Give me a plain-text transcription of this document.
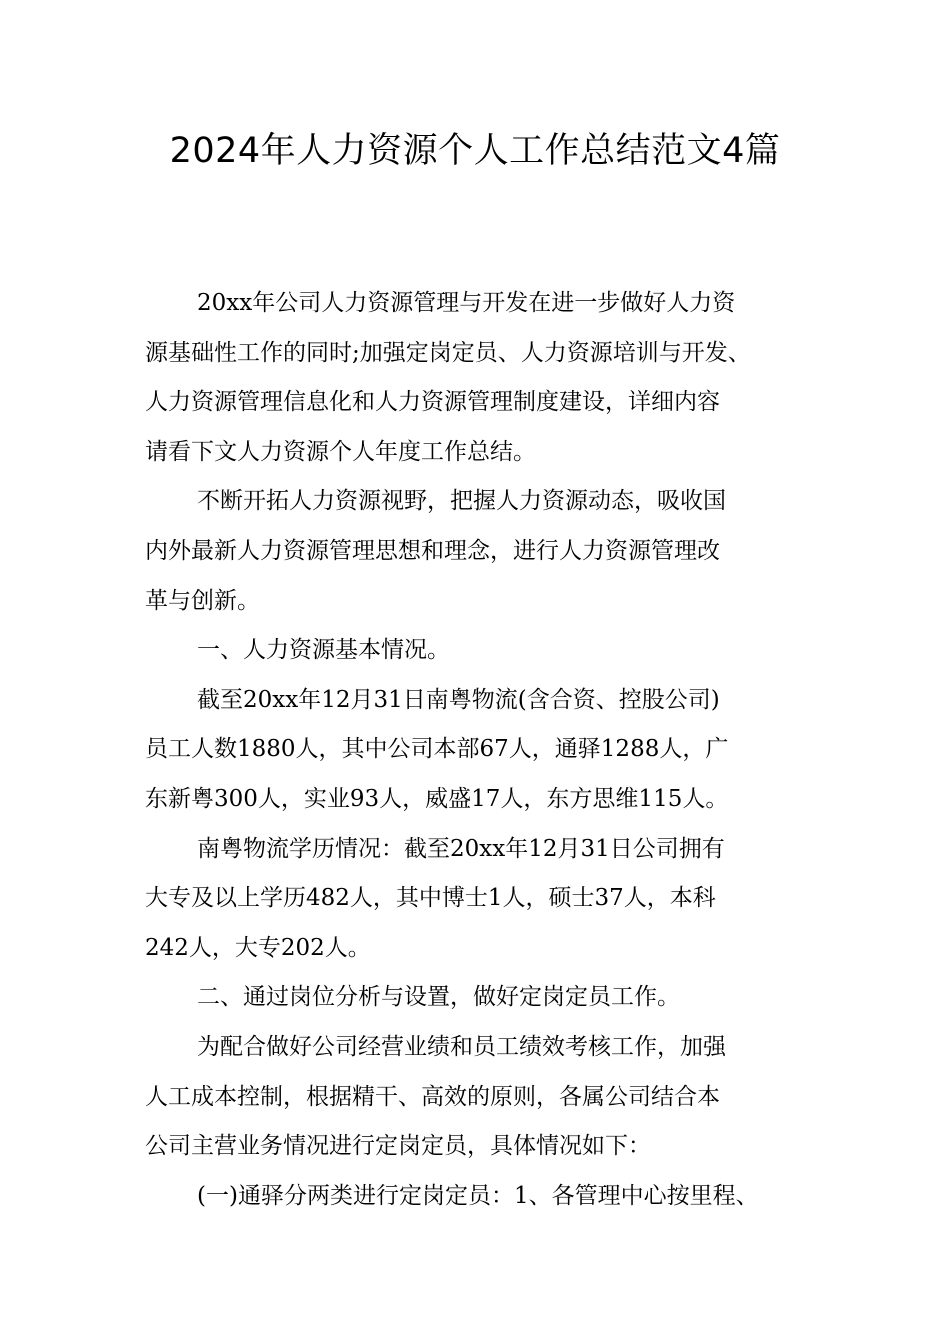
2024年人力资源个人工作总结范文4篇

20xx年公司人力资源管理与开发在进一步做好人力资
源基础性工作的同时;加强定岗定员、人力资源培训与开发、
人力资源管理信息化和人力资源管理制度建设，详细内容
请看下文人力资源个人年度工作总结。

不断开拓人力资源视野，把握人力资源动态，吸收国
内外最新人力资源管理思想和理念，进行人力资源管理改
革与创新。

一、人力资源基本情况。

截至20xx年12月31日南粤物流(含合资、控股公司)
员工人数1880人，其中公司本部67人，通驿1288人，广
东新粤300人，实业93人，威盛17人，东方思维115人。

南粤物流学历情况：截至20xx年12月31日公司拥有
大专及以上学历482人，其中博士1人，硕士37人，本科
242人，大专202人。

二、通过岗位分析与设置，做好定岗定员工作。

为配合做好公司经营业绩和员工绩效考核工作，加强
人工成本控制，根据精干、高效的原则，各属公司结合本
公司主营业务情况进行定岗定员，具体情况如下：

(一)通驿分两类进行定岗定员：1、各管理中心按里程、
